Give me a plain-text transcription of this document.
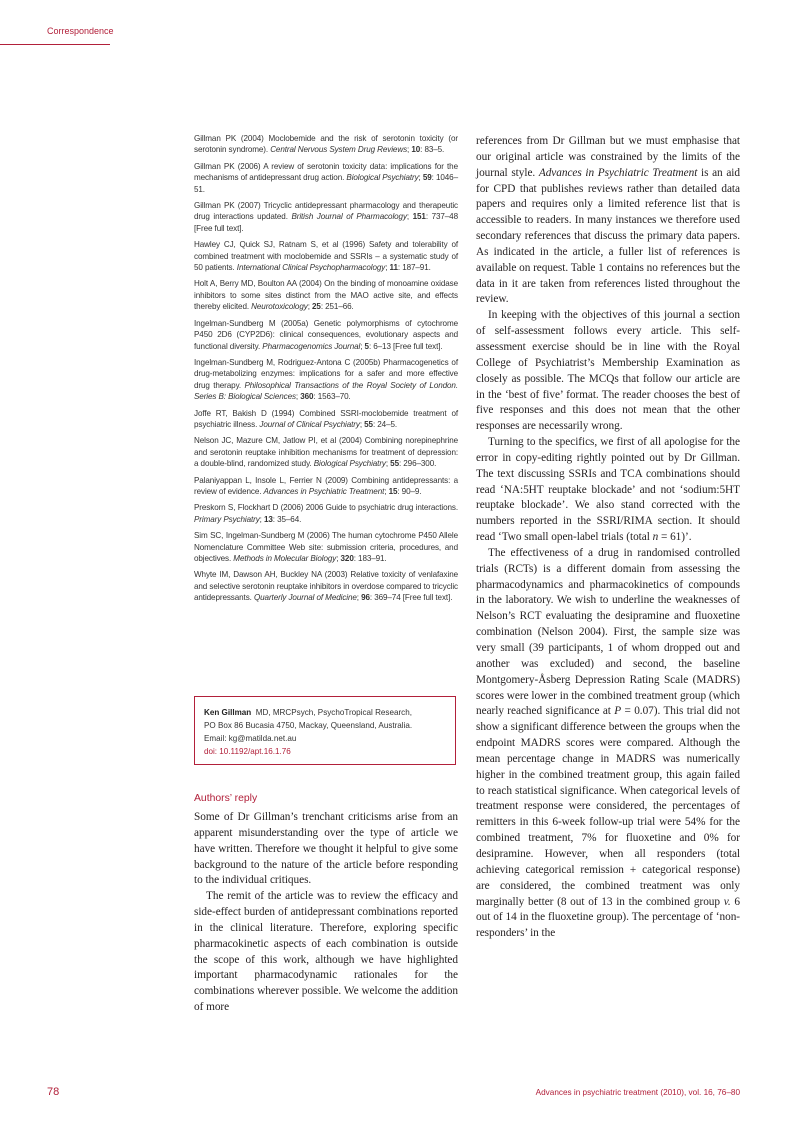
Correspondence

Gillman PK (2004) Moclobemide and the risk of serotonin toxicity (or serotonin syndrome). Central Nervous System Drug Reviews; 10: 83–5.

Gillman PK (2006) A review of serotonin toxicity data: implications for the mechanisms of antidepressant drug action. Biological Psychiatry; 59: 1046–51.

Gillman PK (2007) Tricyclic antidepressant pharmacology and therapeutic drug interactions updated. British Journal of Pharmacology; 151: 737–48 [Free full text].

Hawley CJ, Quick SJ, Ratnam S, et al (1996) Safety and tolerability of combined treatment with moclobemide and SSRIs – a systematic study of 50 patients. International Clinical Psychopharmacology; 11: 187–91.

Holt A, Berry MD, Boulton AA (2004) On the binding of monoamine oxidase inhibitors to some sites distinct from the MAO active site, and effects thereby elicited. Neurotoxicology; 25: 251–66.

Ingelman-Sundberg M (2005a) Genetic polymorphisms of cytochrome P450 2D6 (CYP2D6): clinical consequences, evolutionary aspects and functional diversity. Pharmacogenomics Journal; 5: 6–13 [Free full text].

Ingelman-Sundberg M, Rodriguez-Antona C (2005b) Pharmacogenetics of drug-metabolizing enzymes: implications for a safer and more effective drug therapy. Philosophical Transactions of the Royal Society of London. Series B: Biological Sciences; 360: 1563–70.

Joffe RT, Bakish D (1994) Combined SSRI-moclobemide treatment of psychiatric illness. Journal of Clinical Psychiatry; 55: 24–5.

Nelson JC, Mazure CM, Jatlow PI, et al (2004) Combining norepinephrine and serotonin reuptake inhibition mechanisms for treatment of depression: a double-blind, randomized study. Biological Psychiatry; 55: 296–300.

Palaniyappan L, Insole L, Ferrier N (2009) Combining antidepressants: a review of evidence. Advances in Psychiatric Treatment; 15: 90–9.

Preskorn S, Flockhart D (2006) 2006 Guide to psychiatric drug interactions. Primary Psychiatry; 13: 35–64.

Sim SC, Ingelman-Sundberg M (2006) The human cytochrome P450 Allele Nomenclature Committee Web site: submission criteria, procedures, and objectives. Methods in Molecular Biology; 320: 183–91.

Whyte IM, Dawson AH, Buckley NA (2003) Relative toxicity of venlafaxine and selective serotonin reuptake inhibitors in overdose compared to tricyclic antidepressants. Quarterly Journal of Medicine; 96: 369–74 [Free full text].

Ken Gillman MD, MRCPsych, PsychoTropical Research,
PO Box 86 Bucasia 4750, Mackay, Queensland, Australia.
Email: kg@matilda.net.au
doi: 10.1192/apt.16.1.76
Authors’ reply

Some of Dr Gillman’s trenchant criticisms arise from an apparent misunderstanding over the type of article we have written. Therefore we thought it helpful to give some background to the nature of the article before responding to the individual critiques.

The remit of the article was to review the efficacy and side-effect burden of antidepressant combinations reported in the clinical literature. Therefore, exploring specific pharmacokinetic aspects of each combination is outside the scope of this work, although we have highlighted important pharmacodynamic rationales for the combinations wherever possible. We welcome the addition of more

references from Dr Gillman but we must emphasise that our original article was constrained by the limits of the journal style. Advances in Psychiatric Treatment is an aid for CPD that publishes reviews rather than detailed data papers and requires only a limited reference list that is accessible to readers. In many instances we therefore used secondary references that discuss the primary data papers. As indicated in the article, a fuller list of references is available on request. Table 1 contains no references but the data in it are taken from references listed throughout the review.

In keeping with the objectives of this journal a section of self-assessment follows every article. This self-assessment exercise should be in line with the Royal College of Psychiatrist’s Membership Examination as closely as possible. The MCQs that follow our article are in the ‘best of five’ format. The reader chooses the best of five responses and this does not mean that the other responses are necessarily wrong.

Turning to the specifics, we first of all apologise for the error in copy-editing rightly pointed out by Dr Gillman. The text discussing SSRIs and TCA combinations should read ‘NA:5HT reuptake blockade’ and not ‘sodium:5HT reuptake blockade’. We also stand corrected with the numbers reported in the SSRI/RIMA section. It should read ‘Two small open-label trials (total n = 61)’.

The effectiveness of a drug in randomised controlled trials (RCTs) is a different domain from assessing the pharmacodynamics and pharmacokinetics of compounds in the laboratory. We wish to underline the weaknesses of Nelson’s RCT evaluating the desipramine and fluoxetine combination (Nelson 2004). First, the sample size was very small (39 participants, 1 of whom dropped out and another was excluded) and second, the baseline Montgomery-Åsberg Depression Rating Scale (MADRS) scores were lower in the combined treatment group (which nearly reached significance at P = 0.07). This trial did not show a significant difference between the groups when the endpoint MADRS scores were compared. Although the mean percentage change in MADRS was numerically higher in the combined treatment group, this again failed to reach statistical significance. When categorical levels of treatment response were considered, the percentages of remitters in this 6-week follow-up trial were 54% for the combined treatment, 7% for fluoxetine and 0% for desipramine. However, when all responders (total achieving categorical remission + categorical response) are considered, the combined treatment was only marginally better (8 out of 13 in the combined group v. 6 out of 14 in the fluoxetine group). The percentage of ‘non-responders’ in the

78	Advances in psychiatric treatment (2010), vol. 16, 76–80
